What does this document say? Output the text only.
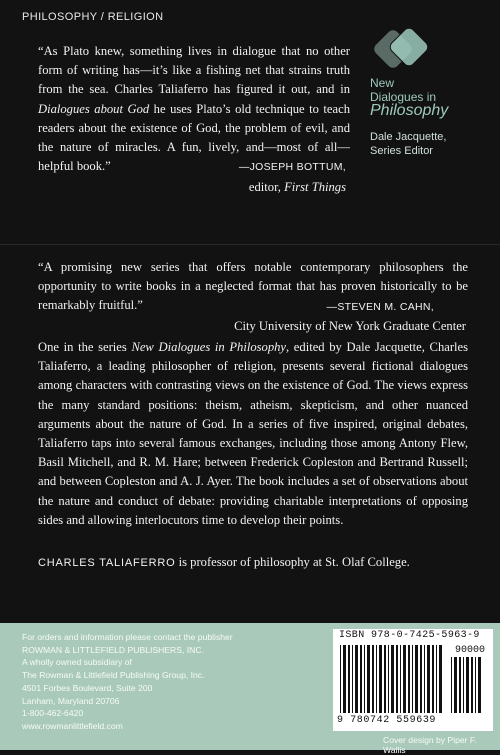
PHILOSOPHY / RELIGION
“As Plato knew, something lives in dialogue that no other form of writing has—it’s like a fishing net that strains truth from the sea. Charles Taliaferro has figured it out, and in Dialogues about God he uses Plato’s old technique to teach readers about the existence of God, the problem of evil, and the nature of miracles. A fun, lively, and—most of all—helpful book.”	—JOSEPH BOTTUM,
editor, First Things
New
Dialogues in
Philosophy
Dale Jacquette,
Series Editor
“A promising new series that offers notable contemporary philosophers the opportunity to write books in a neglected format that has proven historically to be remarkably fruitful.”	—STEVEN M. CAHN,
City University of New York Graduate Center
One in the series New Dialogues in Philosophy, edited by Dale Jacquette, Charles Taliaferro, a leading philosopher of religion, presents several fictional dialogues among characters with contrasting views on the existence of God. The views express the many standard positions: theism, atheism, skepticism, and other nuanced arguments about the nature of God. In a series of five inspired, original debates, Taliaferro taps into several famous exchanges, including those among Antony Flew, Basil Mitchell, and R. M. Hare; between Frederick Copleston and Bertrand Russell; and between Copleston and A. J. Ayer. The book includes a set of observations about the nature and conduct of debate: providing charitable interpretations of opposing sides and allowing interlocutors time to develop their points.
CHARLES TALIAFERRO is professor of philosophy at St. Olaf College.
For orders and information please contact the publisher
ROWMAN & LITTLEFIELD PUBLISHERS, INC.
A wholly owned subsidiary of
The Rowman & Littlefield Publishing Group, Inc.
4501 Forbes Boulevard, Suite 200
Lanham, Maryland 20706
1-800-462-6420
www.rowmanlittlefield.com
ISBN 978-0-7425-5963-9
90000
9 780742 559639
Cover design by Piper F. Wallis
